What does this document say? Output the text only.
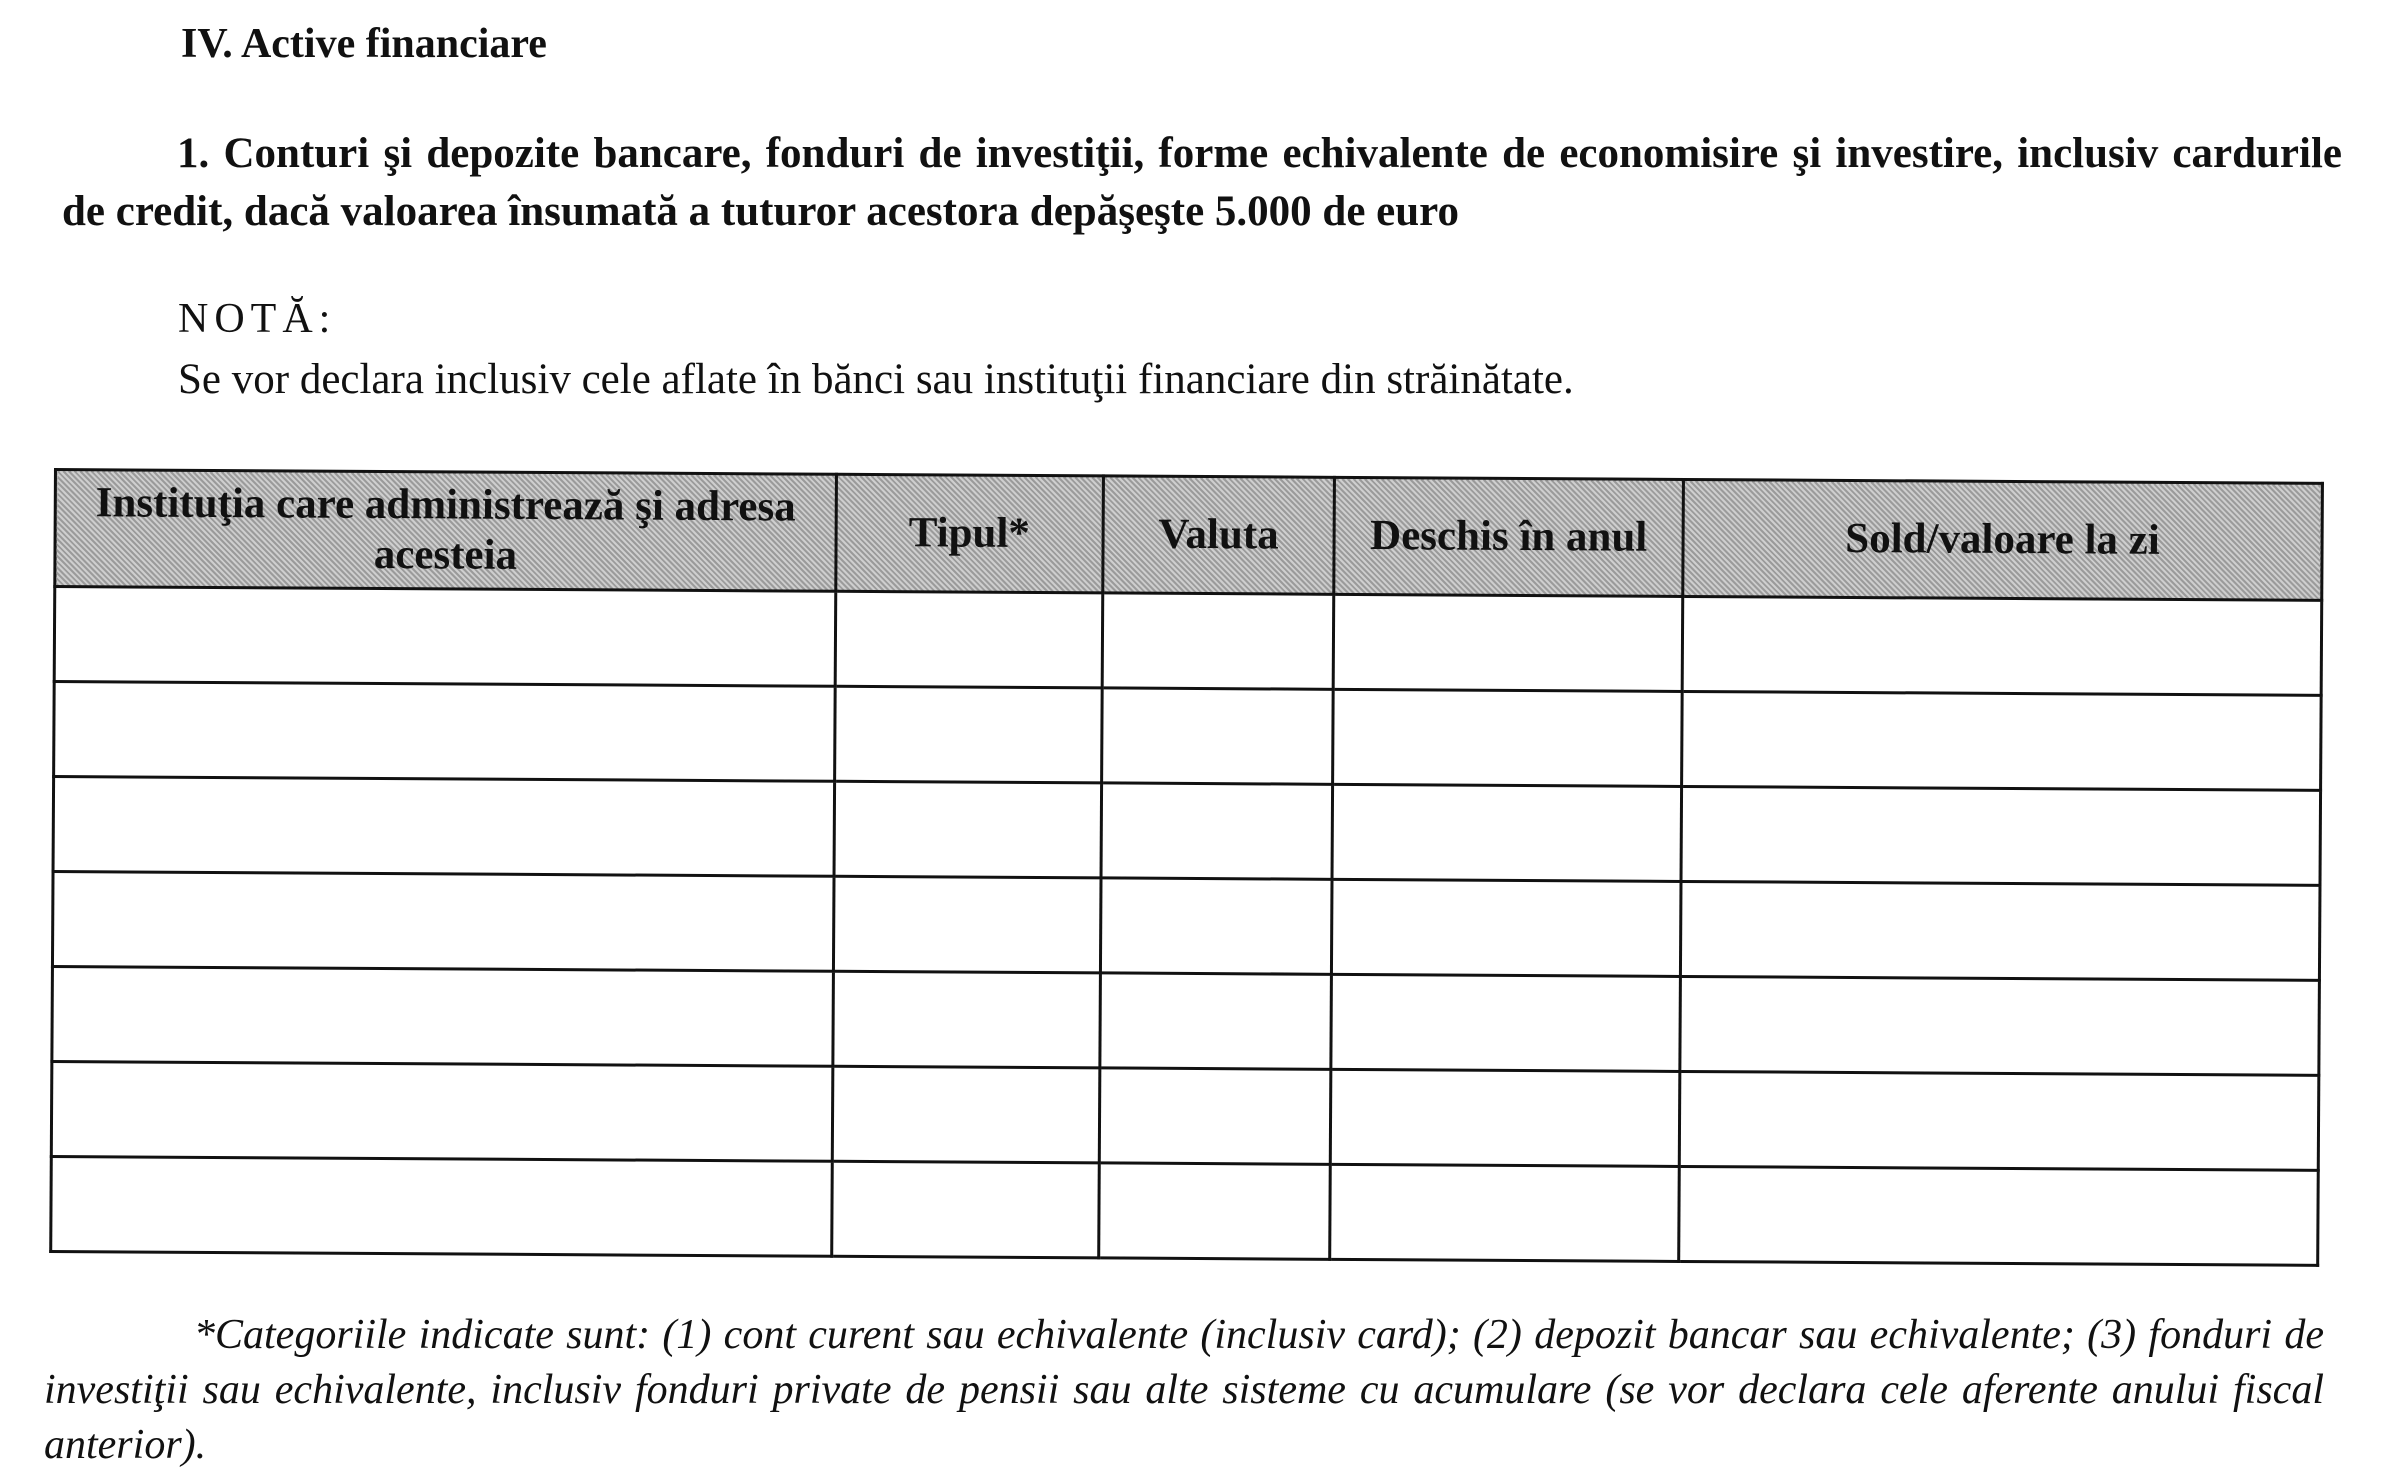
IV. Active financiare
1. Conturi şi depozite bancare, fonduri de investiţii, forme echivalente de economisire şi investire, inclusiv cardurile de credit, dacă valoarea însumată a tuturor acestora depăşeşte 5.000 de euro
NOTĂ:
Se vor declara inclusiv cele aflate în bănci sau instituţii financiare din străinătate.
Instituţia care administrează şi adresa acesteia	Tipul*	Valuta	Deschis în anul	Sold/valoare la zi

*Categoriile indicate sunt: (1) cont curent sau echivalente (inclusiv card); (2) depozit bancar sau echivalente; (3) fonduri de investiţii sau echivalente, inclusiv fonduri private de pensii sau alte sisteme cu acumulare (se vor declara cele aferente anului fiscal anterior).
